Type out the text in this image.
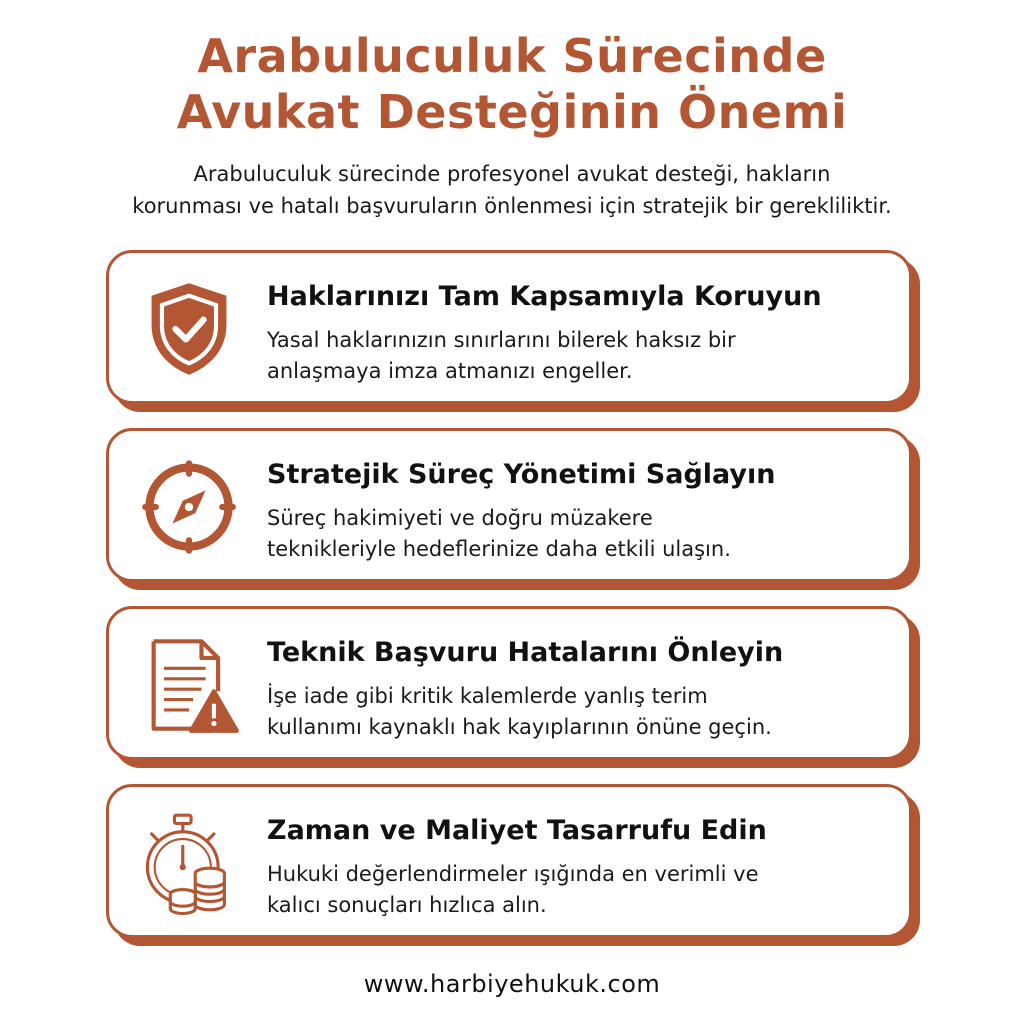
Arabuluculuk Sürecinde
Avukat Desteğinin Önemi

Arabuluculuk sürecinde profesyonel avukat desteği, hakların
korunması ve hatalı başvuruların önlenmesi için stratejik bir gerekliliktir.

Haklarınızı Tam Kapsamıyla Koruyun
Yasal haklarınızın sınırlarını bilerek haksız bir
anlaşmaya imza atmanızı engeller.
Stratejik Süreç Yönetimi Sağlayın
Süreç hakimiyeti ve doğru müzakere
teknikleriyle hedeflerinize daha etkili ulaşın.
Teknik Başvuru Hatalarını Önleyin
İşe iade gibi kritik kalemlerde yanlış terim
kullanımı kaynaklı hak kayıplarının önüne geçin.
Zaman ve Maliyet Tasarrufu Edin
Hukuki değerlendirmeler ışığında en verimli ve
kalıcı sonuçları hızlıca alın.
www.harbiyehukuk.com
